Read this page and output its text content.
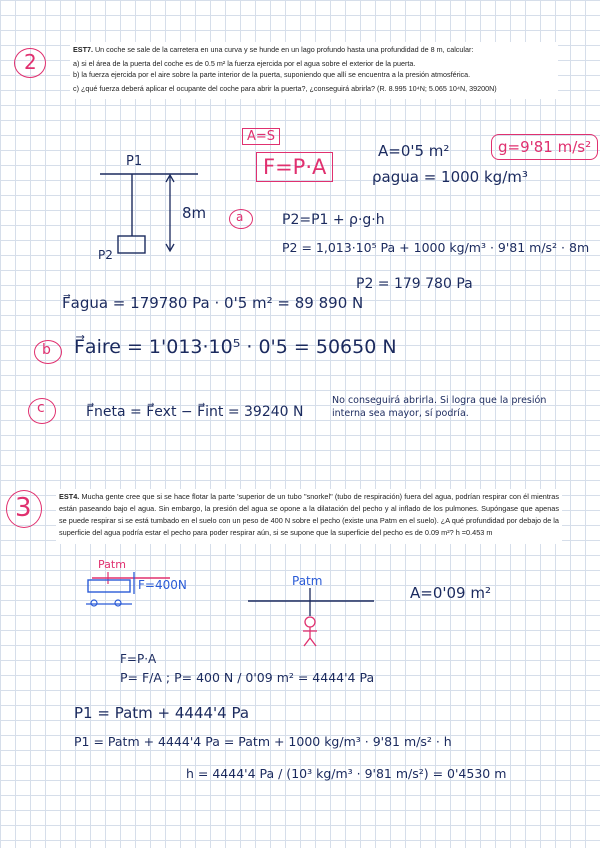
2

EST7. Un coche se sale de la carretera en una curva y se hunde en un lago profundo hasta una profundidad de 8 m, calcular:

a) si el área de la puerta del coche es de 0.5 m² la fuerza ejercida por el agua sobre el exterior de la puerta.

b) la fuerza ejercida por el aire sobre la parte interior de la puerta, suponiendo que allí se encuentra a la presión atmosférica.

c) ¿qué fuerza deberá aplicar el ocupante del coche para abrir la puerta?, ¿conseguirá abrirla? (R. 8.995 10⁴N; 5.065 10⁴N, 39200N)

A=S
F=P·A
g=9'81 m/s²
A=0'5 m²
ρagua = 1000 kg/m³
P1
P2
8m a	P2=P1 + ρ·g·h
P2 = 1,013·10⁵ Pa + 1000 kg/m³ · 9'81 m/s² · 8m
P2 = 179 780 Pa
F⃗agua = 179780 Pa · 0'5 m² = 89 890 N
b F⃗aire = 1'013·10⁵ · 0'5 = 50650 N
c	F⃗neta = F⃗ext − F⃗int = 39240 N
No conseguirá abrirla. Si logra que la presión interna sea mayor, sí podría.
3	EST4. Mucha gente cree que si se hace flotar la parte 'superior de un tubo "snorkel" (tubo de respiración) fuera del agua, podrían respirar con él mientras están paseando bajo el agua. Sin embargo, la presión del agua se opone a la dilatación del pecho y al inflado de los pulmones. Supóngase que apenas se puede respirar si se está tumbado en el suelo con un peso de 400 N sobre el pecho (existe una Patm en el suelo). ¿A qué profundidad por debajo de la superficie del agua podría estar el pecho para poder respirar aún, si se supone que la superficie del pecho es de 0.09 m²? h =0.453 m

Patm
F=400N	Patm
A=0'09 m²
F=P·A
P= F/A ; P= 400 N / 0'09 m² = 4444'4 Pa
P1 = Patm + 4444'4 Pa
P1 = Patm + 4444'4 Pa = Patm + 1000 kg/m³ · 9'81 m/s² · h
h = 4444'4 Pa / (10³ kg/m³ · 9'81 m/s²) = 0'4530 m
